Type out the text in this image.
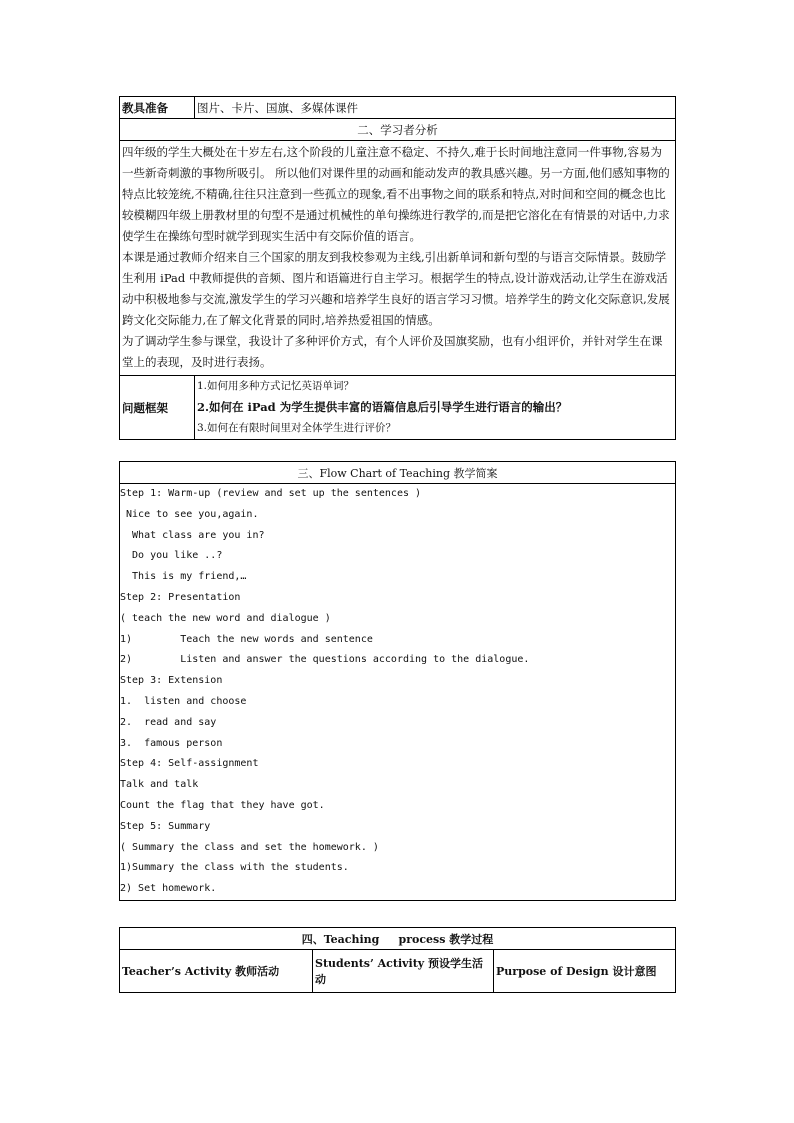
教具准备	图片、卡片、国旗、多媒体课件
二、学习者分析	

四年级的学生大概处在十岁左右,这个阶段的儿童注意不稳定、不持久,难于长时间地注意同一件事物,容易为一些新奇刺激的事物所吸引。 所以他们对课件里的动画和能动发声的教具感兴趣。另一方面,他们感知事物的特点比较笼统,不精确,往往只注意到一些孤立的现象,看不出事物之间的联系和特点,对时间和空间的概念也比较模糊四年级上册教材里的句型不是通过机械性的单句操练进行教学的,而是把它溶化在有情景的对话中,力求使学生在操练句型时就学到现实生活中有交际价值的语言。

本课是通过教师介绍来自三个国家的朋友到我校参观为主线,引出新单词和新句型的与语言交际情景。鼓励学生利用 iPad 中教师提供的音频、图片和语篇进行自主学习。根据学生的特点,设计游戏活动,让学生在游戏活动中积极地参与交流,激发学生的学习兴趣和培养学生良好的语言学习习惯。培养学生的跨文化交际意识,发展跨文化交际能力,在了解文化背景的同时,培养热爱祖国的情感。

为了调动学生参与课堂，我设计了多种评价方式，有个人评价及国旗奖励，也有小组评价，并针对学生在课堂上的表现，及时进行表扬。	

问题框架	1.如何用多种方式记忆英语单词？
2.如何在 iPad 为学生提供丰富的语篇信息后引导学生进行语言的输出？
3.如何在有限时间里对全体学生进行评价？
三、Flow Chart of Teaching 教学简案

Step 1: Warm-up (review and set up the sentences )
Nice to see you,again.
What class are you in?
Do you like ..?
This is my friend,…
Step 2: Presentation
( teach the new word and dialogue )
1)        Teach the new words and sentence
2)        Listen and answer the questions according to the dialogue.
Step 3: Extension
1.  listen and choose
2.  read and say
3.  famous person
Step 4: Self-assignment
Talk and talk
Count the flag that they have got.
Step 5: Summary
( Summary the class and set the homework. )
1)Summary the class with the students.
2) Set homework.
四、Teaching     process 教学过程
Teacher’s Activity 教师活动	Students’ Activity 预设学生活动	Purpose of Design 设计意图
